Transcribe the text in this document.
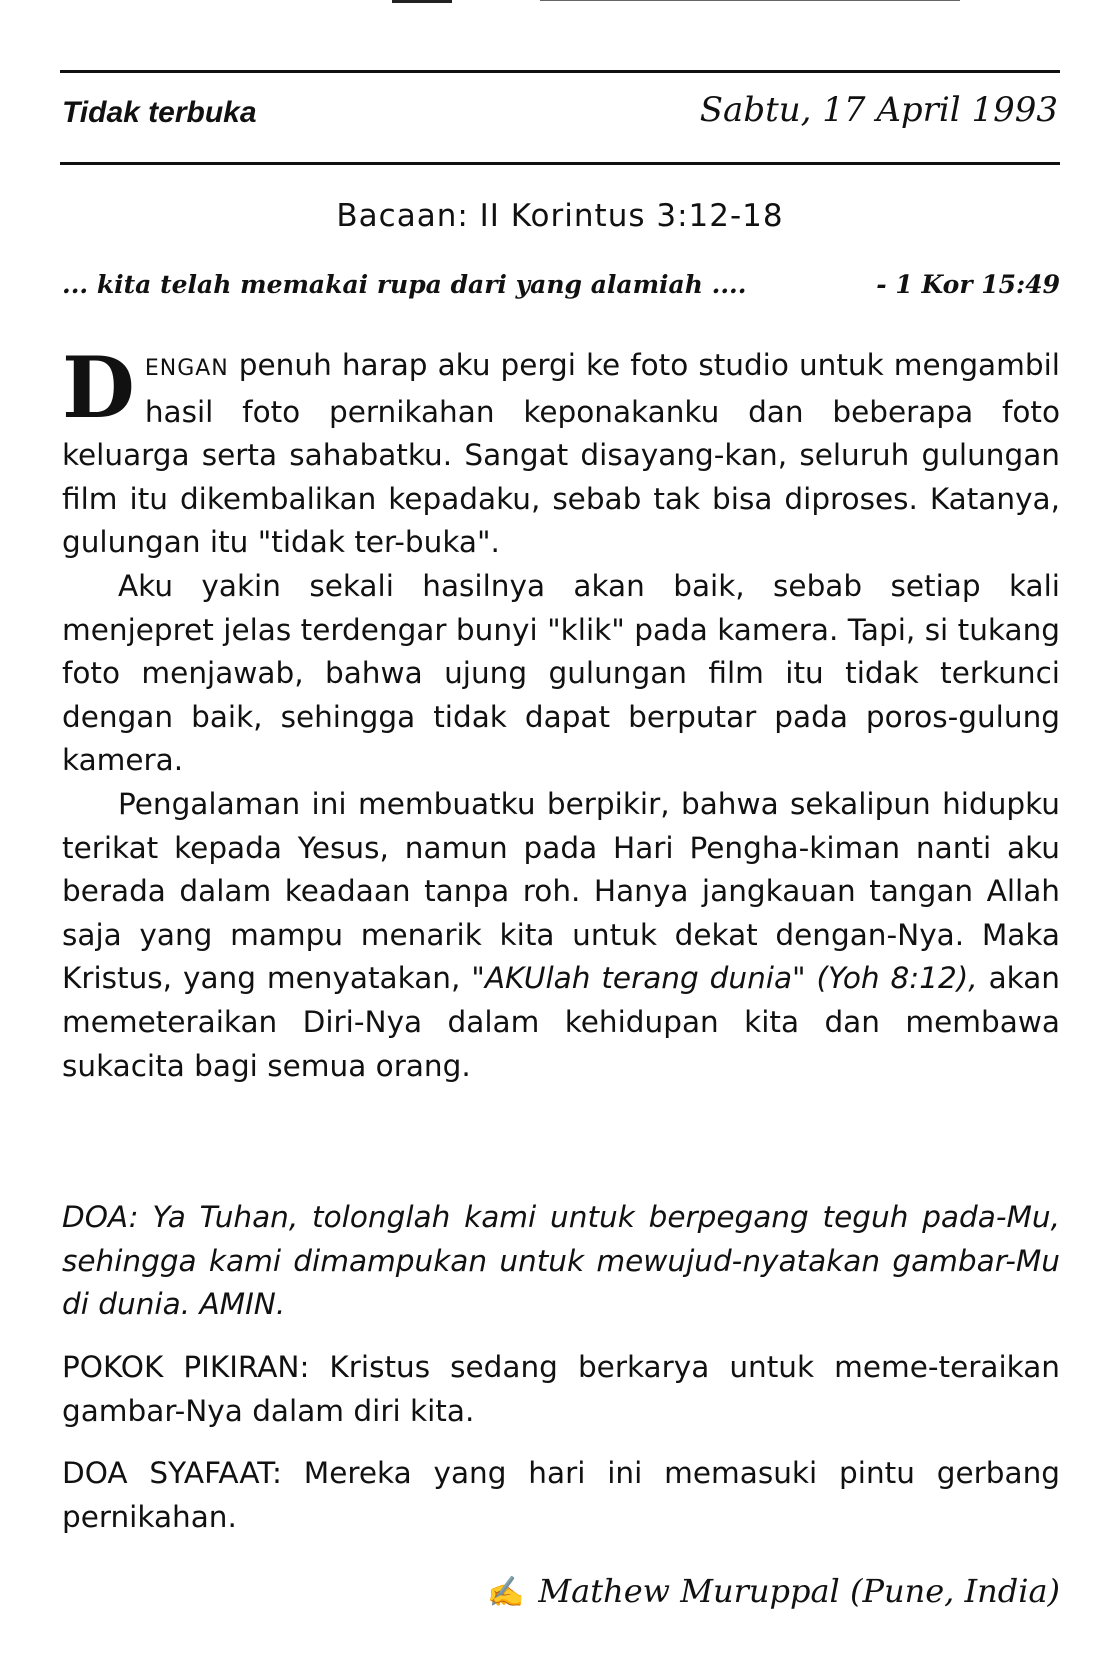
Tidak terbuka	Sabtu, 17 April 1993
Bacaan: II Korintus 3:12-18
... kita telah memakai rupa dari yang alamiah ....	- 1 Kor 15:49

DENGAN penuh harap aku pergi ke foto studio untuk mengambil hasil foto pernikahan keponakanku dan beberapa foto keluarga serta sahabatku. Sangat disayang-kan, seluruh gulungan film itu dikembalikan kepadaku, sebab tak bisa diproses. Katanya, gulungan itu "tidak ter-buka".

Aku yakin sekali hasilnya akan baik, sebab setiap kali menjepret jelas terdengar bunyi "klik" pada kamera. Tapi, si tukang foto menjawab, bahwa ujung gulungan film itu tidak terkunci dengan baik, sehingga tidak dapat berputar pada poros-gulung kamera.

Pengalaman ini membuatku berpikir, bahwa sekalipun hidupku terikat kepada Yesus, namun pada Hari Pengha-kiman nanti aku berada dalam keadaan tanpa roh. Hanya jangkauan tangan Allah saja yang mampu menarik kita untuk dekat dengan-Nya. Maka Kristus, yang menyatakan, "AKUlah terang dunia" (Yoh 8:12), akan memeteraikan Diri-Nya dalam kehidupan kita dan membawa sukacita bagi semua orang.

DOA: Ya Tuhan, tolonglah kami untuk berpegang teguh pada-Mu, sehingga kami dimampukan untuk mewujud-nyatakan gambar-Mu di dunia. AMIN.

POKOK PIKIRAN: Kristus sedang berkarya untuk meme-teraikan gambar-Nya dalam diri kita.

DOA SYAFAAT: Mereka yang hari ini memasuki pintu gerbang pernikahan.

✍ Mathew Muruppal (Pune, India)
